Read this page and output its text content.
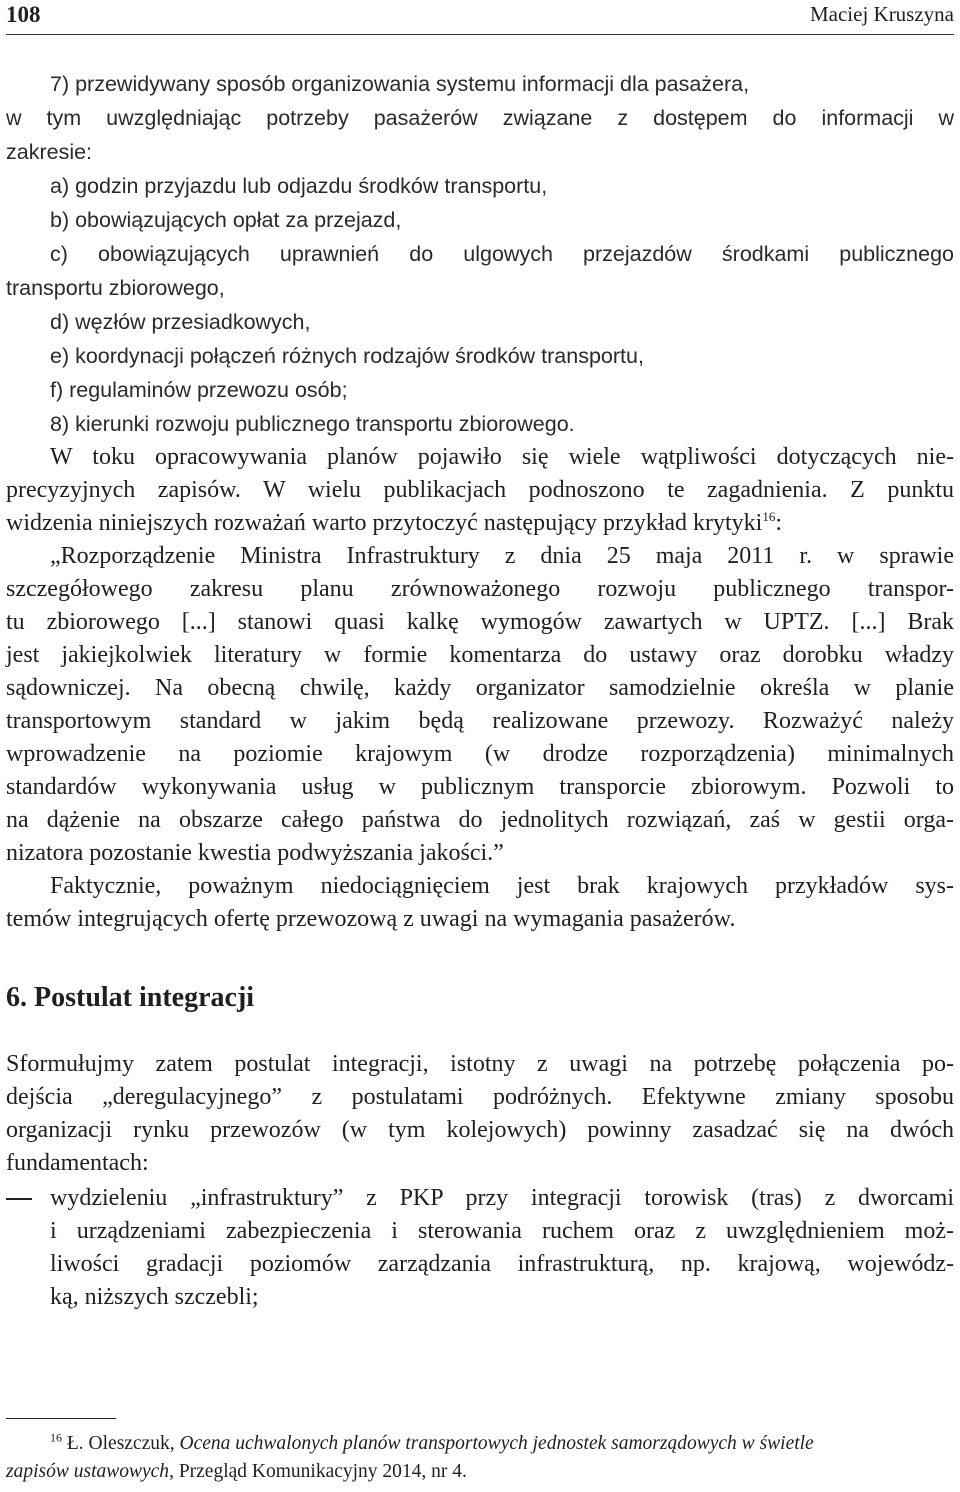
108	Maciej Kruszyna

7) przewidywany sposób organizowania systemu informacji dla pasażera,

w tym uwzględniając potrzeby pasażerów związane z dostępem do informacji w

zakresie:

a) godzin przyjazdu lub odjazdu środków transportu,

b) obowiązujących opłat za przejazd,

c) obowiązujących uprawnień do ulgowych przejazdów środkami publicznego

transportu zbiorowego,

d) węzłów przesiadkowych,

e) koordynacji połączeń różnych rodzajów środków transportu,

f) regulaminów przewozu osób;

8) kierunki rozwoju publicznego transportu zbiorowego.

W toku opracowywania planów pojawiło się wiele wątpliwości dotyczących nie-

precyzyjnych zapisów. W wielu publikacjach podnoszono te zagadnienia. Z punktu

widzenia niniejszych rozważań warto przytoczyć następujący przykład krytyki$^{16}$:

„Rozporządzenie Ministra Infrastruktury z dnia 25 maja 2011 r. w sprawie

szczegółowego zakresu planu zrównoważonego rozwoju publicznego transpor-

tu zbiorowego [...] stanowi quasi kalkę wymogów zawartych w UPTZ. [...] Brak

jest jakiejkolwiek literatury w formie komentarza do ustawy oraz dorobku władzy

sądowniczej. Na obecną chwilę, każdy organizator samodzielnie określa w planie

transportowym standard w jakim będą realizowane przewozy. Rozważyć należy

wprowadzenie na poziomie krajowym (w drodze rozporządzenia) minimalnych

standardów wykonywania usług w publicznym transporcie zbiorowym. Pozwoli to

na dążenie na obszarze całego państwa do jednolitych rozwiązań, zaś w gestii orga-

nizatora pozostanie kwestia podwyższania jakości.”

Faktycznie, poważnym niedociągnięciem jest brak krajowych przykładów sys-

temów integrujących ofertę przewozową z uwagi na wymagania pasażerów.

6. Postulat integracji

Sformułujmy zatem postulat integracji, istotny z uwagi na potrzebę połączenia po-

dejścia „deregulacyjnego” z postulatami podróżnych. Efektywne zmiany sposobu

organizacji rynku przewozów (w tym kolejowych) powinny zasadzać się na dwóch

fundamentach:

wydzieleniu „infrastruktury” z PKP przy integracji torowisk (tras) z dworcami

i urządzeniami zabezpieczenia i sterowania ruchem oraz z uwzględnieniem moż-

liwości gradacji poziomów zarządzania infrastrukturą, np. krajową, wojewódz-

ką, niższych szczebli;

$^{16}$ Ł. Oleszczuk, Ocena uchwalonych planów transportowych jednostek samorządowych w świetle
zapisów ustawowych, Przegląd Komunikacyjny 2014, nr 4.
